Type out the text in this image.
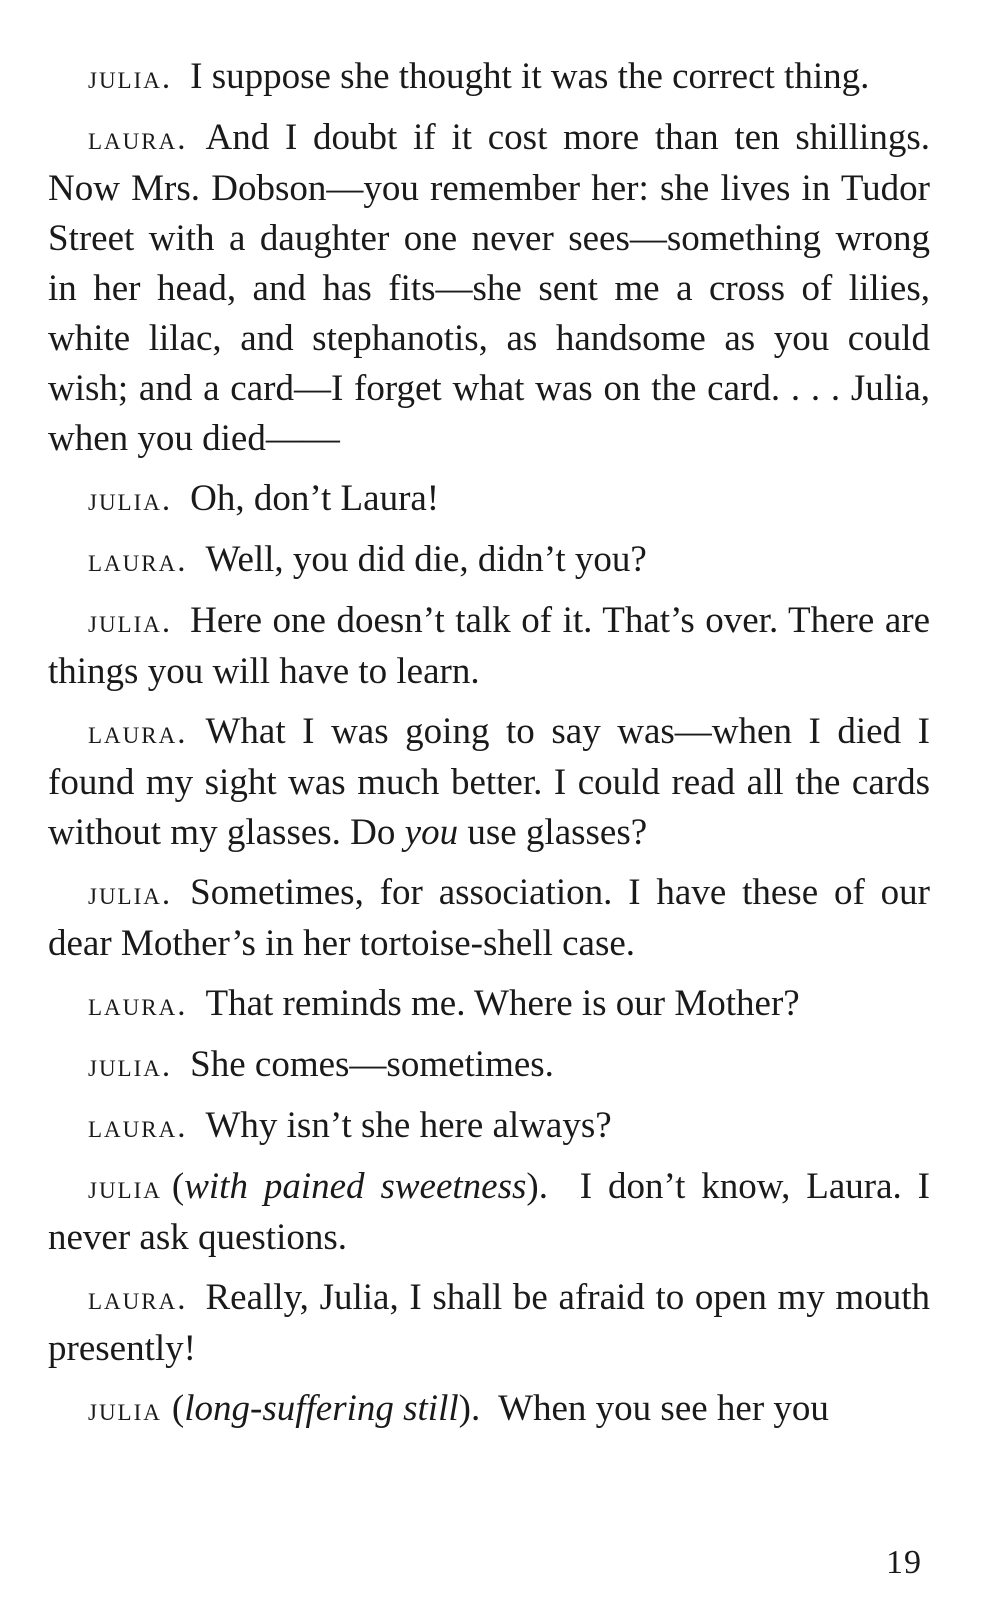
julia. I suppose she thought it was the correct thing.

laura. And I doubt if it cost more than ten shillings. Now Mrs. Dobson—you remember her: she lives in Tudor Street with a daughter one never sees—something wrong in her head, and has fits—she sent me a cross of lilies, white lilac, and stephanotis, as handsome as you could wish; and a card—I forget what was on the card. . . . Julia, when you died——

julia. Oh, don’t Laura!

laura. Well, you did die, didn’t you?

julia. Here one doesn’t talk of it. That’s over. There are things you will have to learn.

laura. What I was going to say was—when I died I found my sight was much better. I could read all the cards without my glasses. Do you use glasses?

julia. Sometimes, for association. I have these of our dear Mother’s in her tortoise-shell case.

laura. That reminds me. Where is our Mother?

julia. She comes—sometimes.

laura. Why isn’t she here always?

julia (with pained sweetness). I don’t know, Laura. I never ask questions.

laura. Really, Julia, I shall be afraid to open my mouth presently!

julia (long-suffering still). When you see her you

19
